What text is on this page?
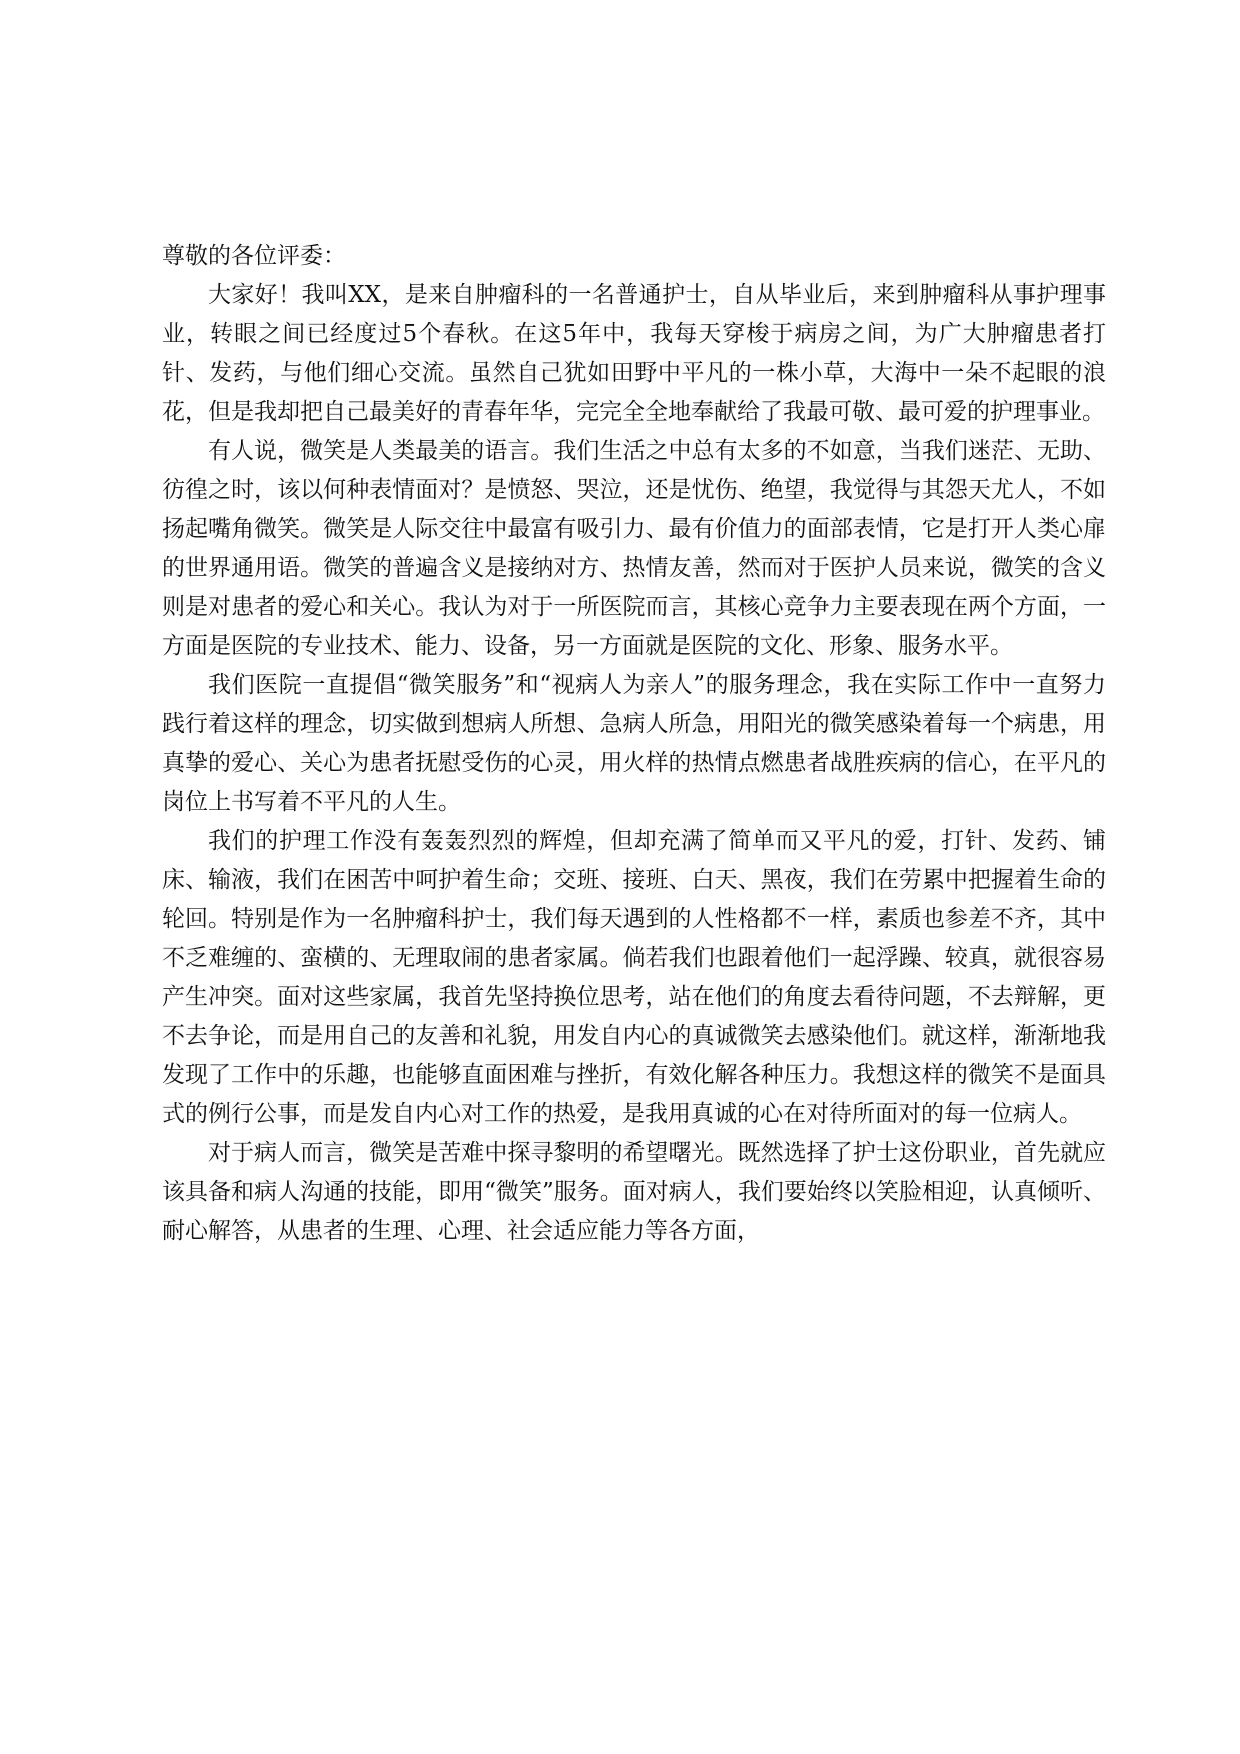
尊敬的各位评委：

大家好！我叫XX，是来自肿瘤科的一名普通护士，自从毕业后，来到肿瘤科从事护理事业，转眼之间已经度过5个春秋。在这5年中，我每天穿梭于病房之间，为广大肿瘤患者打针、发药，与他们细心交流。虽然自己犹如田野中平凡的一株小草，大海中一朵不起眼的浪花，但是我却把自己最美好的青春年华，完完全全地奉献给了我最可敬、最可爱的护理事业。

有人说，微笑是人类最美的语言。我们生活之中总有太多的不如意，当我们迷茫、无助、彷徨之时，该以何种表情面对？是愤怒、哭泣，还是忧伤、绝望，我觉得与其怨天尤人，不如扬起嘴角微笑。微笑是人际交往中最富有吸引力、最有价值力的面部表情，它是打开人类心扉的世界通用语。微笑的普遍含义是接纳对方、热情友善，然而对于医护人员来说，微笑的含义则是对患者的爱心和关心。我认为对于一所医院而言，其核心竞争力主要表现在两个方面，一方面是医院的专业技术、能力、设备，另一方面就是医院的文化、形象、服务水平。

我们医院一直提倡“微笑服务”和“视病人为亲人”的服务理念，我在实际工作中一直努力践行着这样的理念，切实做到想病人所想、急病人所急，用阳光的微笑感染着每一个病患，用真挚的爱心、关心为患者抚慰受伤的心灵，用火样的热情点燃患者战胜疾病的信心，在平凡的岗位上书写着不平凡的人生。

我们的护理工作没有轰轰烈烈的辉煌，但却充满了简单而又平凡的爱，打针、发药、铺床、输液，我们在困苦中呵护着生命；交班、接班、白天、黑夜，我们在劳累中把握着生命的轮回。特别是作为一名肿瘤科护士，我们每天遇到的人性格都不一样，素质也参差不齐，其中不乏难缠的、蛮横的、无理取闹的患者家属。倘若我们也跟着他们一起浮躁、较真，就很容易产生冲突。面对这些家属，我首先坚持换位思考，站在他们的角度去看待问题，不去辩解，更不去争论，而是用自己的友善和礼貌，用发自内心的真诚微笑去感染他们。就这样，渐渐地我发现了工作中的乐趣，也能够直面困难与挫折，有效化解各种压力。我想这样的微笑不是面具式的例行公事，而是发自内心对工作的热爱，是我用真诚的心在对待所面对的每一位病人。

对于病人而言，微笑是苦难中探寻黎明的希望曙光。既然选择了护士这份职业，首先就应该具备和病人沟通的技能，即用“微笑”服务。面对病人，我们要始终以笑脸相迎，认真倾听、耐心解答，从患者的生理、心理、社会适应能力等各方面，
